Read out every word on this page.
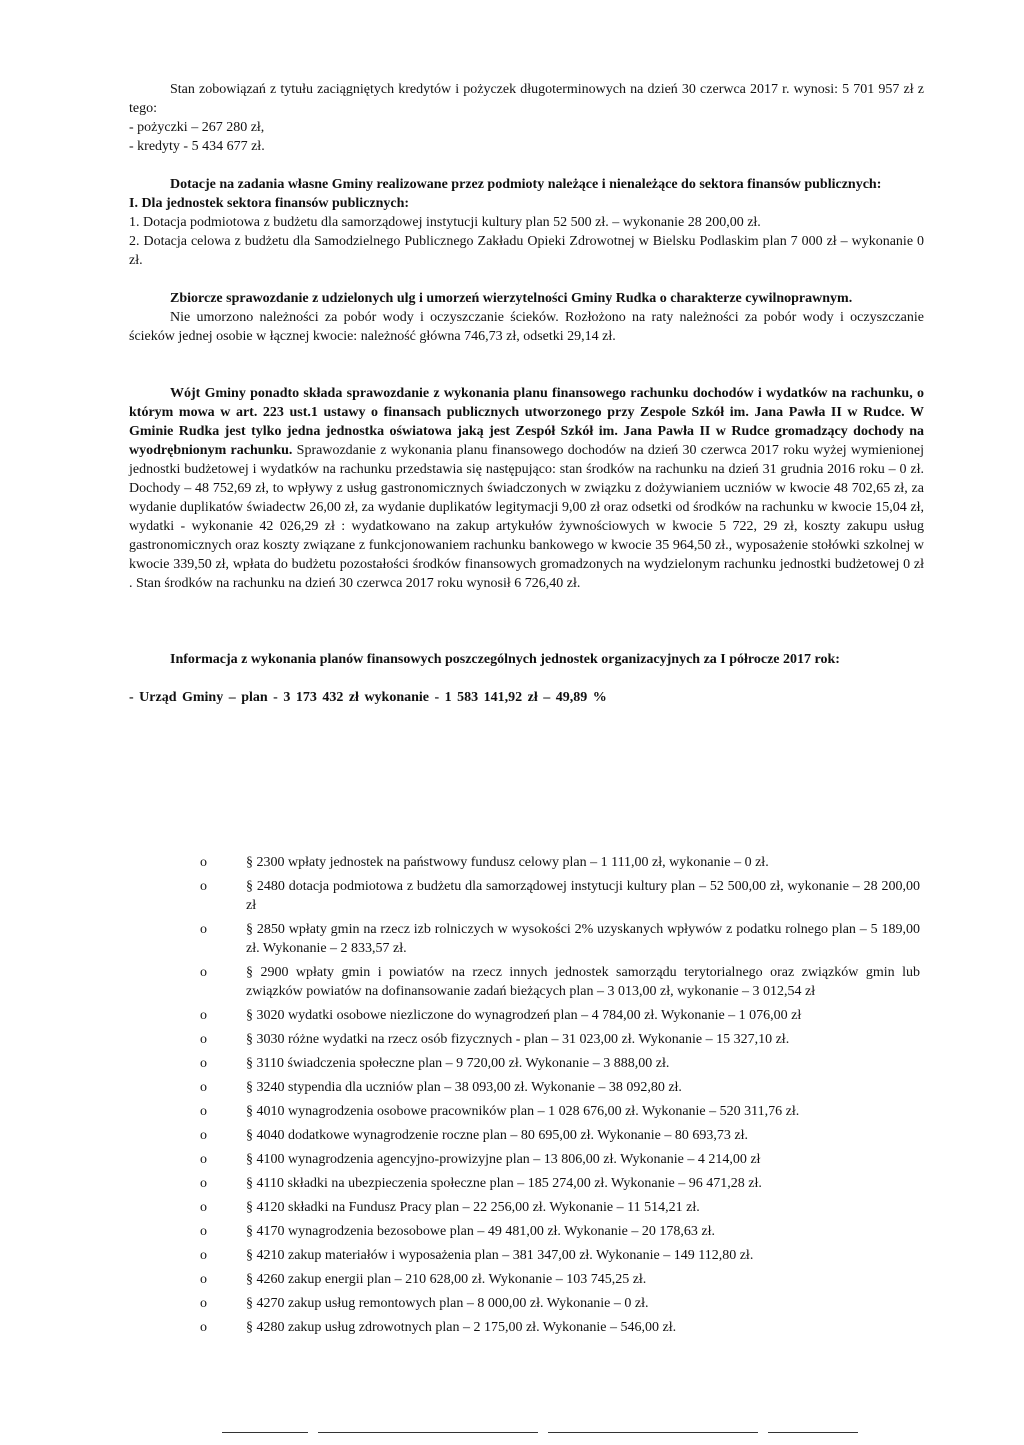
Stan zobowiązań z tytułu zaciągniętych kredytów i pożyczek długoterminowych na dzień 30 czerwca 2017 r. wynosi: 5 701 957 zł z tego:

- pożyczki – 267 280 zł,

- kredyty - 5 434 677 zł.

Dotacje na zadania własne Gminy realizowane przez podmioty należące i nienależące do sektora finansów publicznych:

I. Dla jednostek sektora finansów publicznych:

1. Dotacja podmiotowa z budżetu dla samorządowej instytucji kultury plan 52 500 zł. – wykonanie 28 200,00 zł.

2. Dotacja celowa z budżetu dla Samodzielnego Publicznego Zakładu Opieki Zdrowotnej w Bielsku Podlaskim plan 7 000 zł – wykonanie 0 zł.

Zbiorcze sprawozdanie z udzielonych ulg i umorzeń wierzytelności Gminy Rudka o charakterze cywilnoprawnym.

Nie umorzono należności za pobór wody i oczyszczanie ścieków. Rozłożono na raty należności za pobór wody i oczyszczanie ścieków jednej osobie w łącznej kwocie: należność główna 746,73 zł, odsetki 29,14 zł.

Wójt Gminy ponadto składa sprawozdanie z wykonania planu finansowego rachunku dochodów i wydatków na rachunku, o którym mowa w art. 223 ust.1 ustawy o finansach publicznych utworzonego przy Zespole Szkół im. Jana Pawła II w Rudce. W Gminie Rudka jest tylko jedna jednostka oświatowa jaką jest Zespół Szkół im. Jana Pawła II w Rudce gromadzący dochody na wyodrębnionym rachunku. Sprawozdanie z wykonania planu finansowego dochodów na dzień 30 czerwca 2017 roku wyżej wymienionej jednostki budżetowej i wydatków na rachunku przedstawia się następująco: stan środków na rachunku na dzień 31 grudnia 2016 roku – 0 zł. Dochody – 48 752,69 zł, to wpływy z usług gastronomicznych świadczonych w związku z dożywianiem uczniów w kwocie 48 702,65 zł, za wydanie duplikatów świadectw 26,00 zł, za wydanie duplikatów legitymacji 9,00 zł oraz odsetki od środków na rachunku w kwocie 15,04 zł, wydatki - wykonanie 42 026,29 zł : wydatkowano na zakup artykułów żywnościowych w kwocie 5 722, 29 zł, koszty zakupu usług gastronomicznych oraz koszty związane z funkcjonowaniem rachunku bankowego w kwocie 35 964,50 zł., wyposażenie stołówki szkolnej w kwocie 339,50 zł, wpłata do budżetu pozostałości środków finansowych gromadzonych na wydzielonym rachunku jednostki budżetowej 0 zł . Stan środków na rachunku na dzień 30 czerwca 2017 roku wynosił 6 726,40 zł.

Informacja z wykonania planów finansowych poszczególnych jednostek organizacyjnych za I półrocze 2017 rok:

- Urząd Gminy – plan - 3 173 432 zł wykonanie - 1 583 141,92 zł – 49,89 %

o	§ 2300 wpłaty jednostek na państwowy fundusz celowy plan – 1 111,00 zł, wykonanie – 0 zł.
o	§ 2480 dotacja podmiotowa z budżetu dla samorządowej instytucji kultury plan – 52 500,00 zł, wykonanie – 28 200,00 zł
o	§ 2850 wpłaty gmin na rzecz izb rolniczych w wysokości 2% uzyskanych wpływów z podatku rolnego plan – 5 189,00 zł. Wykonanie – 2 833,57 zł.
o	§ 2900 wpłaty gmin i powiatów na rzecz innych jednostek samorządu terytorialnego oraz związków gmin lub związków powiatów na dofinansowanie zadań bieżących plan – 3 013,00 zł, wykonanie – 3 012,54 zł
o	§ 3020 wydatki osobowe niezliczone do wynagrodzeń plan – 4 784,00 zł. Wykonanie – 1 076,00 zł
o	§ 3030 różne wydatki na rzecz osób fizycznych - plan – 31 023,00 zł. Wykonanie – 15 327,10 zł.
o	§ 3110 świadczenia społeczne plan – 9 720,00 zł. Wykonanie – 3 888,00 zł.
o	§ 3240 stypendia dla uczniów plan – 38 093,00 zł. Wykonanie – 38 092,80 zł.
o	§ 4010 wynagrodzenia osobowe pracowników plan – 1 028 676,00 zł. Wykonanie – 520 311,76 zł.
o	§ 4040 dodatkowe wynagrodzenie roczne plan – 80 695,00 zł. Wykonanie – 80 693,73 zł.
o	§ 4100 wynagrodzenia agencyjno-prowizyjne plan – 13 806,00 zł. Wykonanie – 4 214,00 zł
o	§ 4110 składki na ubezpieczenia społeczne plan – 185 274,00 zł. Wykonanie – 96 471,28 zł.
o	§ 4120 składki na Fundusz Pracy plan – 22 256,00 zł. Wykonanie – 11 514,21 zł.
o	§ 4170 wynagrodzenia bezosobowe plan – 49 481,00 zł. Wykonanie – 20 178,63 zł.
o	§ 4210 zakup materiałów i wyposażenia plan – 381 347,00 zł. Wykonanie – 149 112,80 zł.
o	§ 4260 zakup energii plan – 210 628,00 zł. Wykonanie – 103 745,25 zł.
o	§ 4270 zakup usług remontowych plan – 8 000,00 zł. Wykonanie – 0 zł.
o	§ 4280 zakup usług zdrowotnych plan – 2 175,00 zł. Wykonanie – 546,00 zł.
